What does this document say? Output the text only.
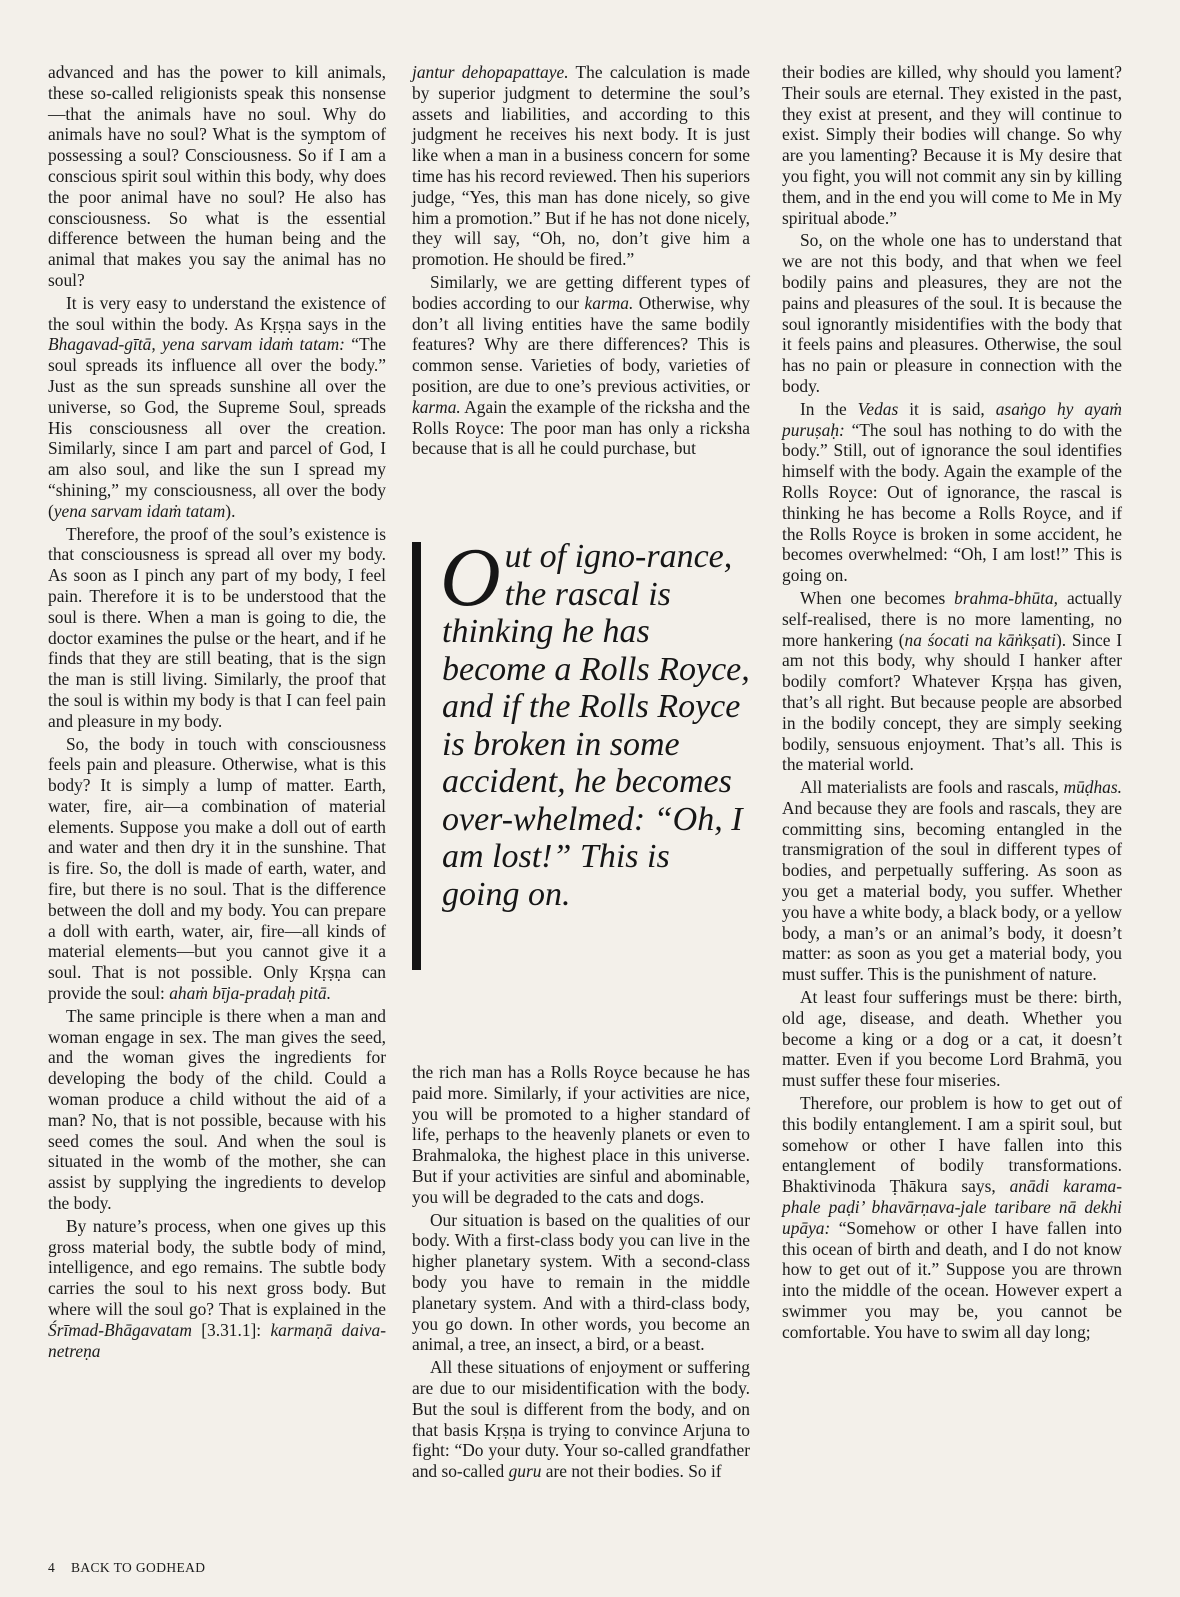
advanced and has the power to kill animals, these so-called religionists speak this nonsense—that the animals have no soul. Why do animals have no soul? What is the symptom of possessing a soul? Consciousness. So if I am a conscious spirit soul within this body, why does the poor animal have no soul? He also has consciousness. So what is the essential difference between the human being and the animal that makes you say the animal has no soul?

It is very easy to understand the existence of the soul within the body. As Kṛṣṇa says in the Bhagavad-gītā, yena sarvam idaṁ tatam: “The soul spreads its influence all over the body.” Just as the sun spreads sunshine all over the universe, so God, the Supreme Soul, spreads His consciousness all over the creation. Similarly, since I am part and parcel of God, I am also soul, and like the sun I spread my “shining,” my consciousness, all over the body (yena sarvam idaṁ tatam).

Therefore, the proof of the soul’s existence is that consciousness is spread all over my body. As soon as I pinch any part of my body, I feel pain. Therefore it is to be understood that the soul is there. When a man is going to die, the doctor examines the pulse or the heart, and if he finds that they are still beating, that is the sign the man is still living. Similarly, the proof that the soul is within my body is that I can feel pain and pleasure in my body.

So, the body in touch with consciousness feels pain and pleasure. Otherwise, what is this body? It is simply a lump of matter. Earth, water, fire, air—a combination of material elements. Suppose you make a doll out of earth and water and then dry it in the sunshine. That is fire. So, the doll is made of earth, water, and fire, but there is no soul. That is the difference between the doll and my body. You can prepare a doll with earth, water, air, fire—all kinds of material elements—but you cannot give it a soul. That is not possible. Only Kṛṣṇa can provide the soul: ahaṁ bīja-pradaḥ pitā.

The same principle is there when a man and woman engage in sex. The man gives the seed, and the woman gives the ingredients for developing the body of the child. Could a woman produce a child without the aid of a man? No, that is not possible, because with his seed comes the soul. And when the soul is situated in the womb of the mother, she can assist by supplying the ingredients to develop the body.

By nature’s process, when one gives up this gross material body, the subtle body of mind, intelligence, and ego remains. The subtle body carries the soul to his next gross body. But where will the soul go? That is explained in the Śrīmad-Bhāgavatam [3.31.1]: karmaṇā daiva-netreṇa

jantur dehopapattaye. The calculation is made by superior judgment to determine the soul’s assets and liabilities, and according to this judgment he receives his next body. It is just like when a man in a business concern for some time has his record reviewed. Then his superiors judge, “Yes, this man has done nicely, so give him a promotion.” But if he has not done nicely, they will say, “Oh, no, don’t give him a promotion. He should be fired.”

Similarly, we are getting different types of bodies according to our karma. Otherwise, why don’t all living entities have the same bodily features? Why are there differences? This is common sense. Varieties of body, varieties of position, are due to one’s previous activities, or karma. Again the example of the ricksha and the Rolls Royce: The poor man has only a ricksha because that is all he could purchase, but

Out of igno-rance, the rascal is thinking he has become a Rolls Royce, and if the Rolls Royce is broken in some accident, he becomes over-whelmed: “Oh, I am lost!” This is going on.

the rich man has a Rolls Royce because he has paid more. Similarly, if your activities are nice, you will be promoted to a higher standard of life, perhaps to the heavenly planets or even to Brahmaloka, the highest place in this universe. But if your activities are sinful and abominable, you will be degraded to the cats and dogs.

Our situation is based on the qualities of our body. With a first-class body you can live in the higher planetary system. With a second-class body you have to remain in the middle planetary system. And with a third-class body, you go down. In other words, you become an animal, a tree, an insect, a bird, or a beast.

All these situations of enjoyment or suffering are due to our misidentification with the body. But the soul is different from the body, and on that basis Kṛṣṇa is trying to convince Arjuna to fight: “Do your duty. Your so-called grandfather and so-called guru are not their bodies. So if

their bodies are killed, why should you lament? Their souls are eternal. They existed in the past, they exist at present, and they will continue to exist. Simply their bodies will change. So why are you lamenting? Because it is My desire that you fight, you will not commit any sin by killing them, and in the end you will come to Me in My spiritual abode.”

So, on the whole one has to understand that we are not this body, and that when we feel bodily pains and pleasures, they are not the pains and pleasures of the soul. It is because the soul ignorantly misidentifies with the body that it feels pains and pleasures. Otherwise, the soul has no pain or pleasure in connection with the body.

In the Vedas it is said, asaṅgo hy ayaṁ puruṣaḥ: “The soul has nothing to do with the body.” Still, out of ignorance the soul identifies himself with the body. Again the example of the Rolls Royce: Out of ignorance, the rascal is thinking he has become a Rolls Royce, and if the Rolls Royce is broken in some accident, he becomes overwhelmed: “Oh, I am lost!” This is going on.

When one becomes brahma-bhūta, actually self-realised, there is no more lamenting, no more hankering (na śocati na kāṅkṣati). Since I am not this body, why should I hanker after bodily comfort? Whatever Kṛṣṇa has given, that’s all right. But because people are absorbed in the bodily concept, they are simply seeking bodily, sensuous enjoyment. That’s all. This is the material world.

All materialists are fools and rascals, mūḍhas. And because they are fools and rascals, they are committing sins, becoming entangled in the transmigration of the soul in different types of bodies, and perpetually suffering. As soon as you get a material body, you suffer. Whether you have a white body, a black body, or a yellow body, a man’s or an animal’s body, it doesn’t matter: as soon as you get a material body, you must suffer. This is the punishment of nature.

At least four sufferings must be there: birth, old age, disease, and death. Whether you become a king or a dog or a cat, it doesn’t matter. Even if you become Lord Brahmā, you must suffer these four miseries.

Therefore, our problem is how to get out of this bodily entanglement. I am a spirit soul, but somehow or other I have fallen into this entanglement of bodily transformations. Bhaktivinoda Ṭhākura says, anādi karama-phale paḍi’ bhavārṇava-jale taribare nā dekhi upāya: “Somehow or other I have fallen into this ocean of birth and death, and I do not know how to get out of it.” Suppose you are thrown into the middle of the ocean. However expert a swimmer you may be, you cannot be comfortable. You have to swim all day long;

4 BACK TO GODHEAD
